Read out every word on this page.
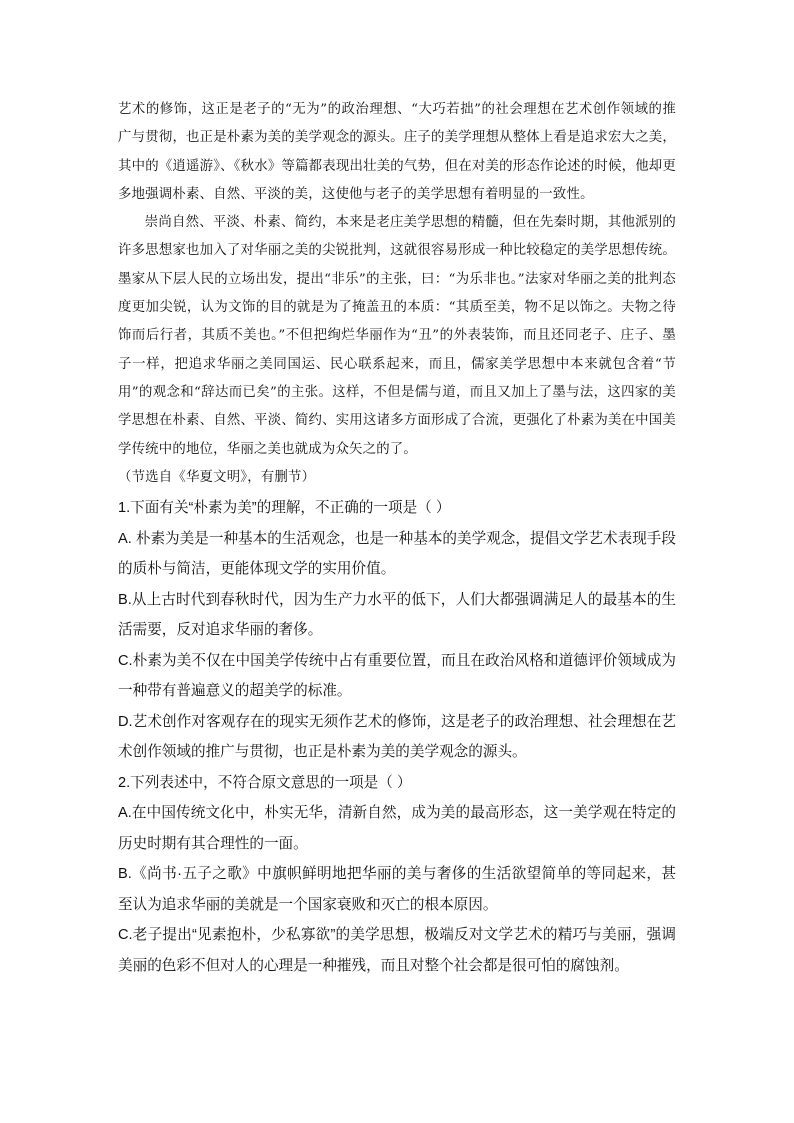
艺术的修饰，这正是老子的“无为”的政治理想、“大巧若拙”的社会理想在艺术创作领域的推广与贯彻，也正是朴素为美的美学观念的源头。庄子的美学理想从整体上看是追求宏大之美，其中的《逍遥游》、《秋水》等篇都表现出壮美的气势，但在对美的形态作论述的时候，他却更多地强调朴素、自然、平淡的美，这使他与老子的美学思想有着明显的一致性。

崇尚自然、平淡、朴素、简约，本来是老庄美学思想的精髓，但在先秦时期，其他派别的许多思想家也加入了对华丽之美的尖锐批判，这就很容易形成一种比较稳定的美学思想传统。墨家从下层人民的立场出发，提出“非乐”的主张，曰：“为乐非也。”法家对华丽之美的批判态度更加尖锐，认为文饰的目的就是为了掩盖丑的本质：“其质至美，物不足以饰之。夫物之待饰而后行者，其质不美也。”不但把绚烂华丽作为“丑”的外表装饰，而且还同老子、庄子、墨子一样，把追求华丽之美同国运、民心联系起来，而且，儒家美学思想中本来就包含着“节用”的观念和“辞达而已矣”的主张。这样，不但是儒与道，而且又加上了墨与法，这四家的美学思想在朴素、自然、平淡、简约、实用这诸多方面形成了合流，更强化了朴素为美在中国美学传统中的地位，华丽之美也就成为众矢之的了。

（节选自《华夏文明》，有删节）

1.下面有关“朴素为美”的理解，不正确的一项是（ ）

A. 朴素为美是一种基本的生活观念，也是一种基本的美学观念，提倡文学艺术表现手段的质朴与简洁，更能体现文学的实用价值。

B.从上古时代到春秋时代，因为生产力水平的低下，人们大都强调满足人的最基本的生活需要，反对追求华丽的奢侈。

C.朴素为美不仅在中国美学传统中占有重要位置，而且在政治风格和道德评价领域成为一种带有普遍意义的超美学的标准。

D.艺术创作对客观存在的现实无须作艺术的修饰，这是老子的政治理想、社会理想在艺术创作领域的推广与贯彻，也正是朴素为美的美学观念的源头。

2.下列表述中，不符合原文意思的一项是（ ）

A.在中国传统文化中，朴实无华，清新自然，成为美的最高形态，这一美学观在特定的历史时期有其合理性的一面。

B.《尚书·五子之歌》中旗帜鲜明地把华丽的美与奢侈的生活欲望简单的等同起来，甚至认为追求华丽的美就是一个国家衰败和灭亡的根本原因。

C.老子提出“见素抱朴，少私寡欲”的美学思想，极端反对文学艺术的精巧与美丽，强调美丽的色彩不但对人的心理是一种摧残，而且对整个社会都是很可怕的腐蚀剂。
